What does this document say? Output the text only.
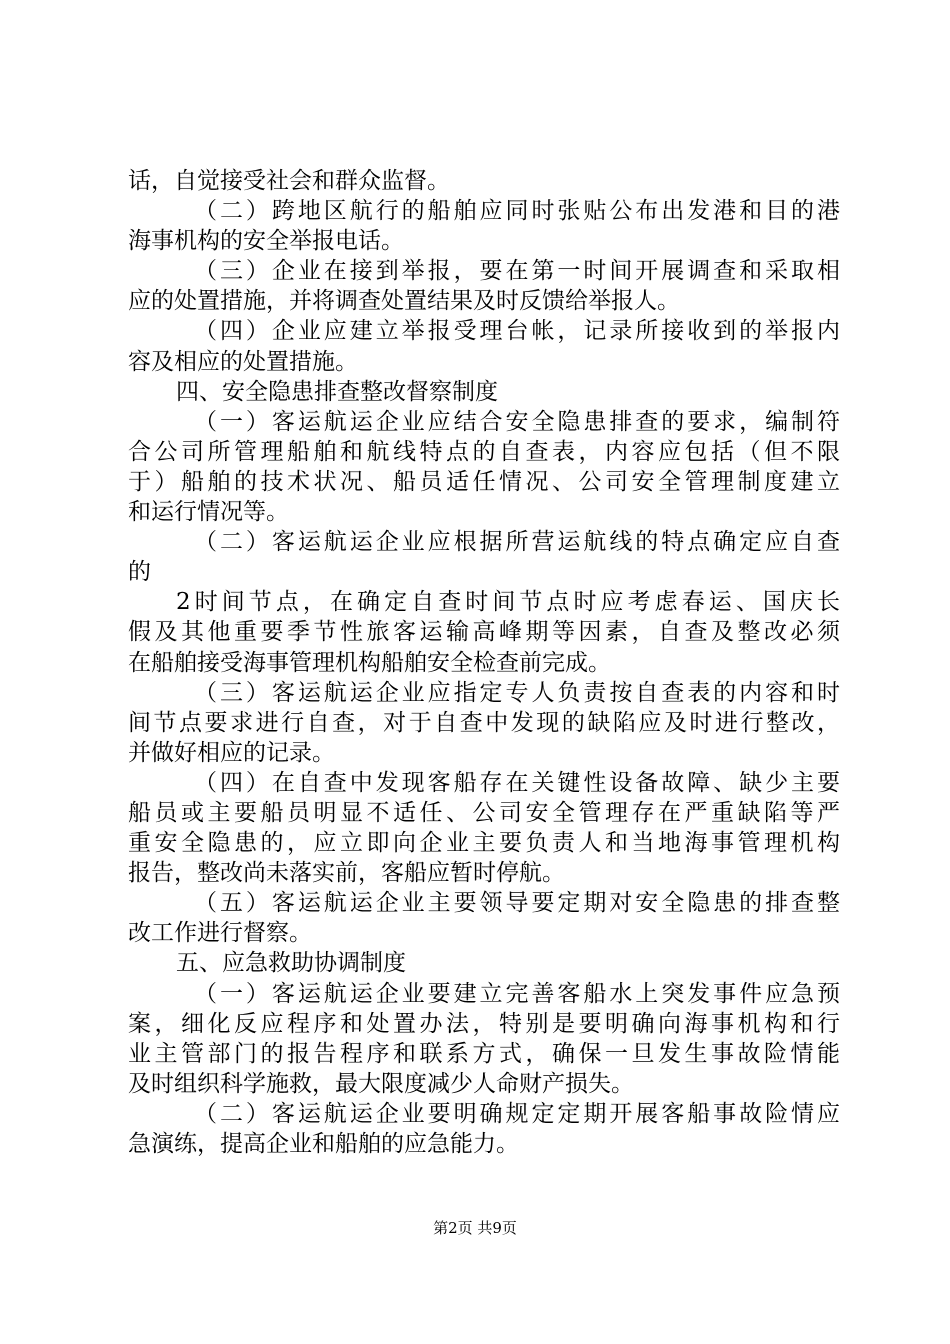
话，自觉接受社会和群众监督。
（二）跨地区航行的船舶应同时张贴公布出发港和目的港
海事机构的安全举报电话。
（三）企业在接到举报，要在第一时间开展调查和采取相
应的处置措施，并将调查处置结果及时反馈给举报人。
（四）企业应建立举报受理台帐，记录所接收到的举报内
容及相应的处置措施。
四、安全隐患排查整改督察制度
（一）客运航运企业应结合安全隐患排查的要求，编制符
合公司所管理船舶和航线特点的自查表，内容应包括（但不限
于）船舶的技术状况、船员适任情况、公司安全管理制度建立
和运行情况等。
（二）客运航运企业应根据所营运航线的特点确定应自查
的
2时间节点，在确定自查时间节点时应考虑春运、国庆长
假及其他重要季节性旅客运输高峰期等因素，自查及整改必须
在船舶接受海事管理机构船舶安全检查前完成。
（三）客运航运企业应指定专人负责按自查表的内容和时
间节点要求进行自查，对于自查中发现的缺陷应及时进行整改，
并做好相应的记录。
（四）在自查中发现客船存在关键性设备故障、缺少主要
船员或主要船员明显不适任、公司安全管理存在严重缺陷等严
重安全隐患的，应立即向企业主要负责人和当地海事管理机构
报告，整改尚未落实前，客船应暂时停航。
（五）客运航运企业主要领导要定期对安全隐患的排查整
改工作进行督察。
五、应急救助协调制度
（一）客运航运企业要建立完善客船水上突发事件应急预
案，细化反应程序和处置办法，特别是要明确向海事机构和行
业主管部门的报告程序和联系方式，确保一旦发生事故险情能
及时组织科学施救，最大限度减少人命财产损失。
（二）客运航运企业要明确规定定期开展客船事故险情应
急演练，提高企业和船舶的应急能力。
第2页 共9页
